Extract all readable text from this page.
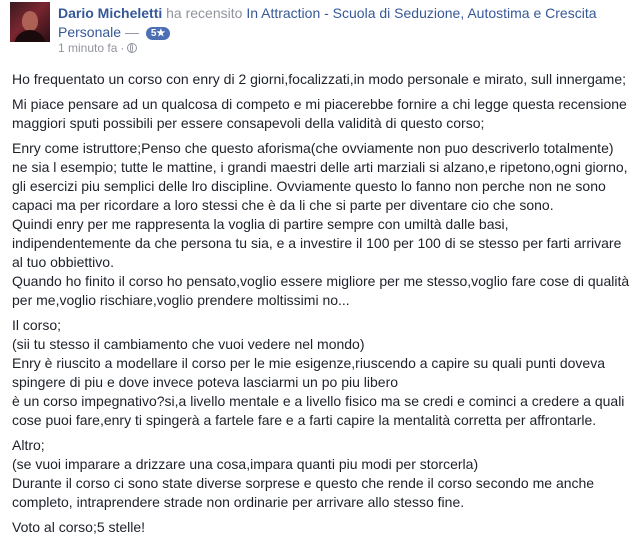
Dario Micheletti ha recensito In Attraction - Scuola di Seduzione, Autostima e Crescita Personale — 5★
1 minuto fa ·

Ho frequentato un corso con enry di 2 giorni,focalizzati,in modo personale e mirato, sull innergame;

Mi piace pensare ad un qualcosa di competo e mi piacerebbe fornire a chi legge questa recensione maggiori sputi possibili per essere consapevoli della validità di questo corso;

Enry come istruttore;Penso che questo aforisma(che ovviamente non puo descriverlo totalmente) ne sia l esempio; tutte le mattine, i grandi maestri delle arti marziali si alzano,e ripetono,ogni giorno, gli esercizi piu semplici delle lro discipline. Ovviamente questo lo fanno non perche non ne sono capaci ma per ricordare a loro stessi che è da li che si parte per diventare cio che sono.
Quindi enry per me rappresenta la voglia di partire sempre con umiltà dalle basi, indipendentemente da che persona tu sia, e a investire il 100 per 100 di se stesso per farti arrivare al tuo obbiettivo.
Quando ho finito il corso ho pensato,voglio essere migliore per me stesso,voglio fare cose di qualità per me,voglio rischiare,voglio prendere moltissimi no...

Il corso;
(sii tu stesso il cambiamento che vuoi vedere nel mondo)
Enry è riuscito a modellare il corso per le mie esigenze,riuscendo a capire su quali punti doveva spingere di piu e dove invece poteva lasciarmi un po piu libero
è un corso impegnativo?si,a livello mentale e a livello fisico ma se credi e cominci a credere a quali cose puoi fare,enry ti spingerà a fartele fare e a farti capire la mentalità corretta per affrontarle.

Altro;
(se vuoi imparare a drizzare una cosa,impara quanti piu modi per storcerla)
Durante il corso ci sono state diverse sorprese e questo che rende il corso secondo me anche completo, intraprendere strade non ordinarie per arrivare allo stesso fine.

Voto al corso;5 stelle!
